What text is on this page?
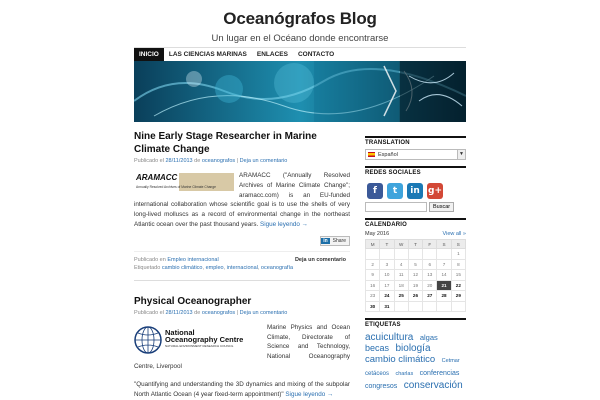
Oceanógrafos Blog
Un lugar en el Océano donde encontrarse
INICIO	LAS CIENCIAS MARINAS	ENLACES	CONTACTO
Nine Early Stage Researcher in Marine Climate Change
Publicado el 28/11/2013 de oceanografos | Deja un comentario
ARAMACC
Annually Resolved Archives of Marine Climate Change
ARAMACC ("Annually Resolved Archives of Marine Climate Change"; aramacc.com) is an EU-funded international collaboration whose scientific goal is to use the shells of very long-lived molluscs as a record of environmental change in the northeast Atlantic ocean over the past thousand years. Sigue leyendo →
in	Share
Publicado en Empleo internacional
Etiquetado cambio climático, empleo, internacional, oceanografía
Deja un comentario
Physical Oceanographer
Publicado el 28/11/2013 de oceanografos | Deja un comentario
National
Oceanography Centre
NATURAL ENVIRONMENT RESEARCH COUNCIL

Marine Physics and Ocean Climate, Directorate of Science and Technology, National Oceanography Centre, Liverpool

"Quantifying and understanding the 3D dynamics and mixing of the subpolar North Atlantic Ocean (4 year fixed-term appointment)" Sigue leyendo →

TRANSLATION
Español	▼
REDES SOCIALES
f	t	in g+
Buscar
CALENDARIO
May 2016	View all »
M	T	W	T	F	S	S
						1
2	3	4	5	6	7	8
9	10	11	12	13	14	15
16	17	18	19	20	21	22
23	24	25	26	27	28	29
30	31					
ETIQUETAS
acuicultura algas becas biología cambio climático Cetmar cetáceos charlas conferencias congresos conservación
